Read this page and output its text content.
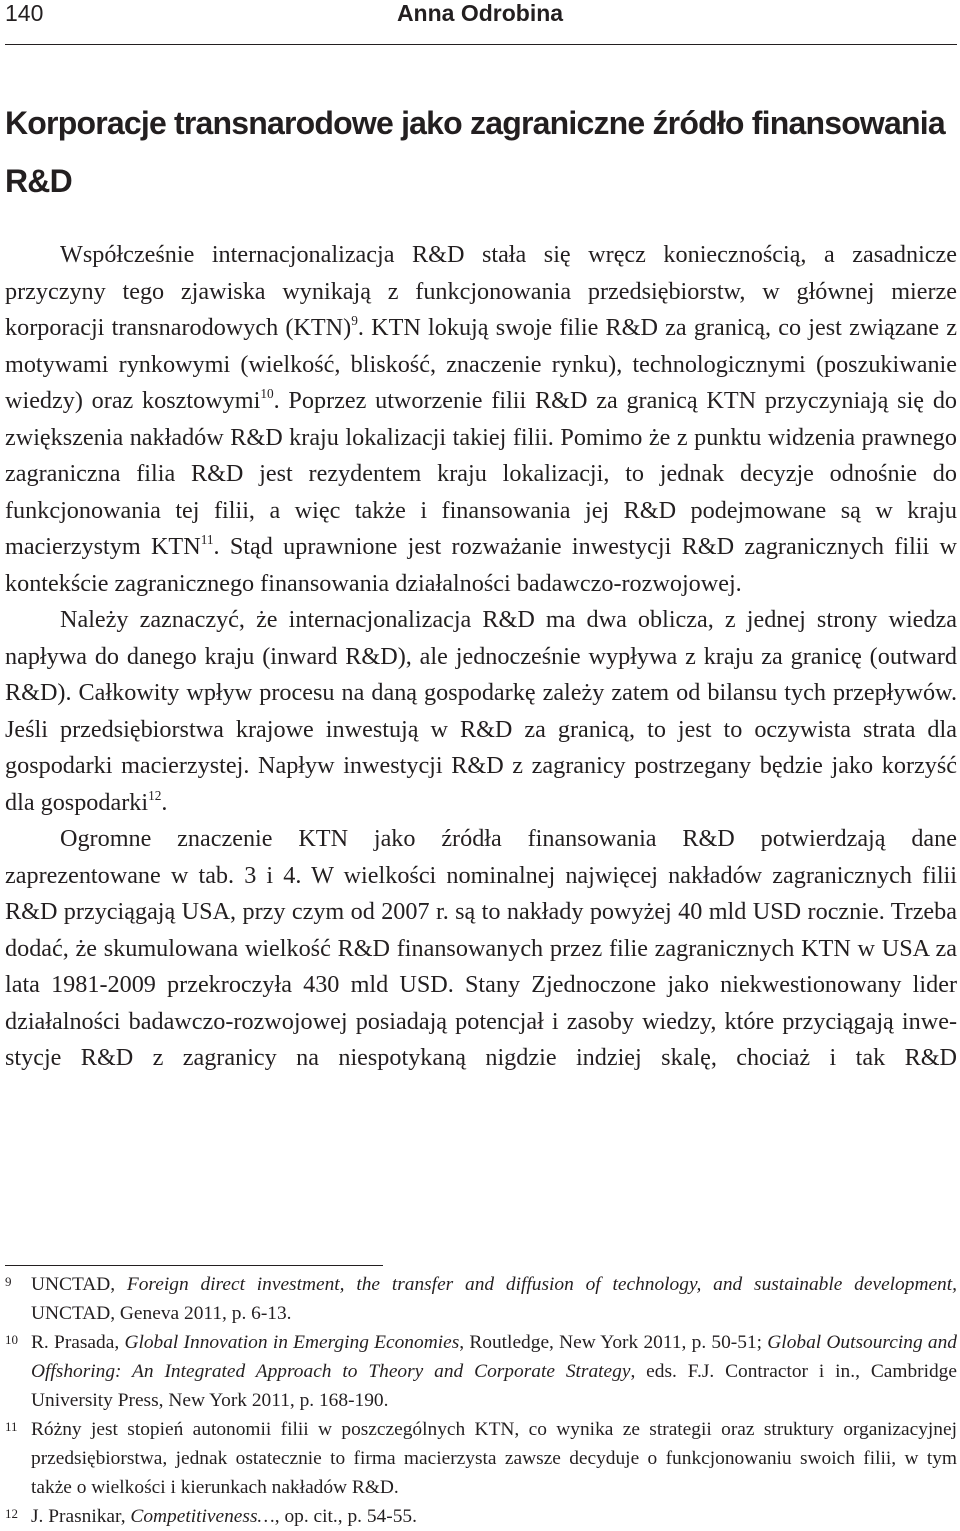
140	Anna Odrobina
Korporacje transnarodowe jako zagraniczne źródło finansowania R&D

Współcześnie internacjonalizacja R&D stała się wręcz koniecznością, a zasadnicze przyczyny tego zjawiska wynikają z funkcjonowania przedsiębiorstw, w głównej mierze korporacji transnarodowych (KTN)$^9$. KTN lokują swoje filie R&D za granicą, co jest związane z motywami rynkowymi (wielkość, bliskość, znaczenie rynku), technologicznymi (poszukiwanie wiedzy) oraz kosztowymi$^{10}$. Poprzez utworzenie filii R&D za granicą KTN przyczyniają się do zwiększenia nakładów R&D kraju lokalizacji takiej filii. Pomimo że z punktu widzenia prawnego zagraniczna filia R&D jest rezydentem kraju lokalizacji, to jednak decyzje odnośnie do funkcjonowania tej filii, a więc także i finansowania jej R&D podejmowane są w kraju macierzystym KTN$^{11}$. Stąd uprawnione jest rozważanie inwestycji R&D zagranicznych filii w kontekście zagranicznego finansowania działalności badawczo-rozwojowej.

Należy zaznaczyć, że internacjonalizacja R&D ma dwa oblicza, z jednej strony wiedza napływa do danego kraju (inward R&D), ale jednocześnie wypływa z kraju za granicę (outward R&D). Całkowity wpływ procesu na daną gospodarkę zależy zatem od bilansu tych przepływów. Jeśli przedsiębiorstwa krajowe inwestują w R&D za granicą, to jest to oczywista strata dla gospodarki macierzystej. Napływ inwestycji R&D z zagranicy postrzegany będzie jako korzyść dla gospodarki$^{12}$.

Ogromne znaczenie KTN jako źródła finansowania R&D potwierdzają dane zaprezentowane w tab. 3 i 4. W wielkości nominalnej najwięcej nakładów zagranicznych filii R&D przyciągają USA, przy czym od 2007 r. są to nakłady powyżej 40 mld USD rocznie. Trzeba dodać, że skumulowana wielkość R&D finansowanych przez filie zagranicznych KTN w USA za lata 1981-2009 przekroczyła 430 mld USD. Stany Zjednoczone jako niekwestionowany lider działalności badawczo-rozwojowej posiadają potencjał i zasoby wiedzy, które przyciągają inwestycje R&D z zagranicy na niespotykaną nigdzie indziej skalę, chociaż i tak R&D

9 UNCTAD, Foreign direct investment, the transfer and diffusion of technology, and sustainable development, UNCTAD, Geneva 2011, p. 6-13.
10 R. Prasada, Global Innovation in Emerging Economies, Routledge, New York 2011, p. 50-51; Global Outsourcing and Offshoring: An Integrated Approach to Theory and Corporate Strategy, eds. F.J. Contractor i in., Cambridge University Press, New York 2011, p. 168-190.
11 Różny jest stopień autonomii filii w poszczególnych KTN, co wynika ze strategii oraz struktury organizacyjnej przedsiębiorstwa, jednak ostatecznie to firma macierzysta zawsze decyduje o funkcjonowaniu swoich filii, w tym także o wielkości i kierunkach nakładów R&D.
12 J. Prasnikar, Competitiveness…, op. cit., p. 54-55.
